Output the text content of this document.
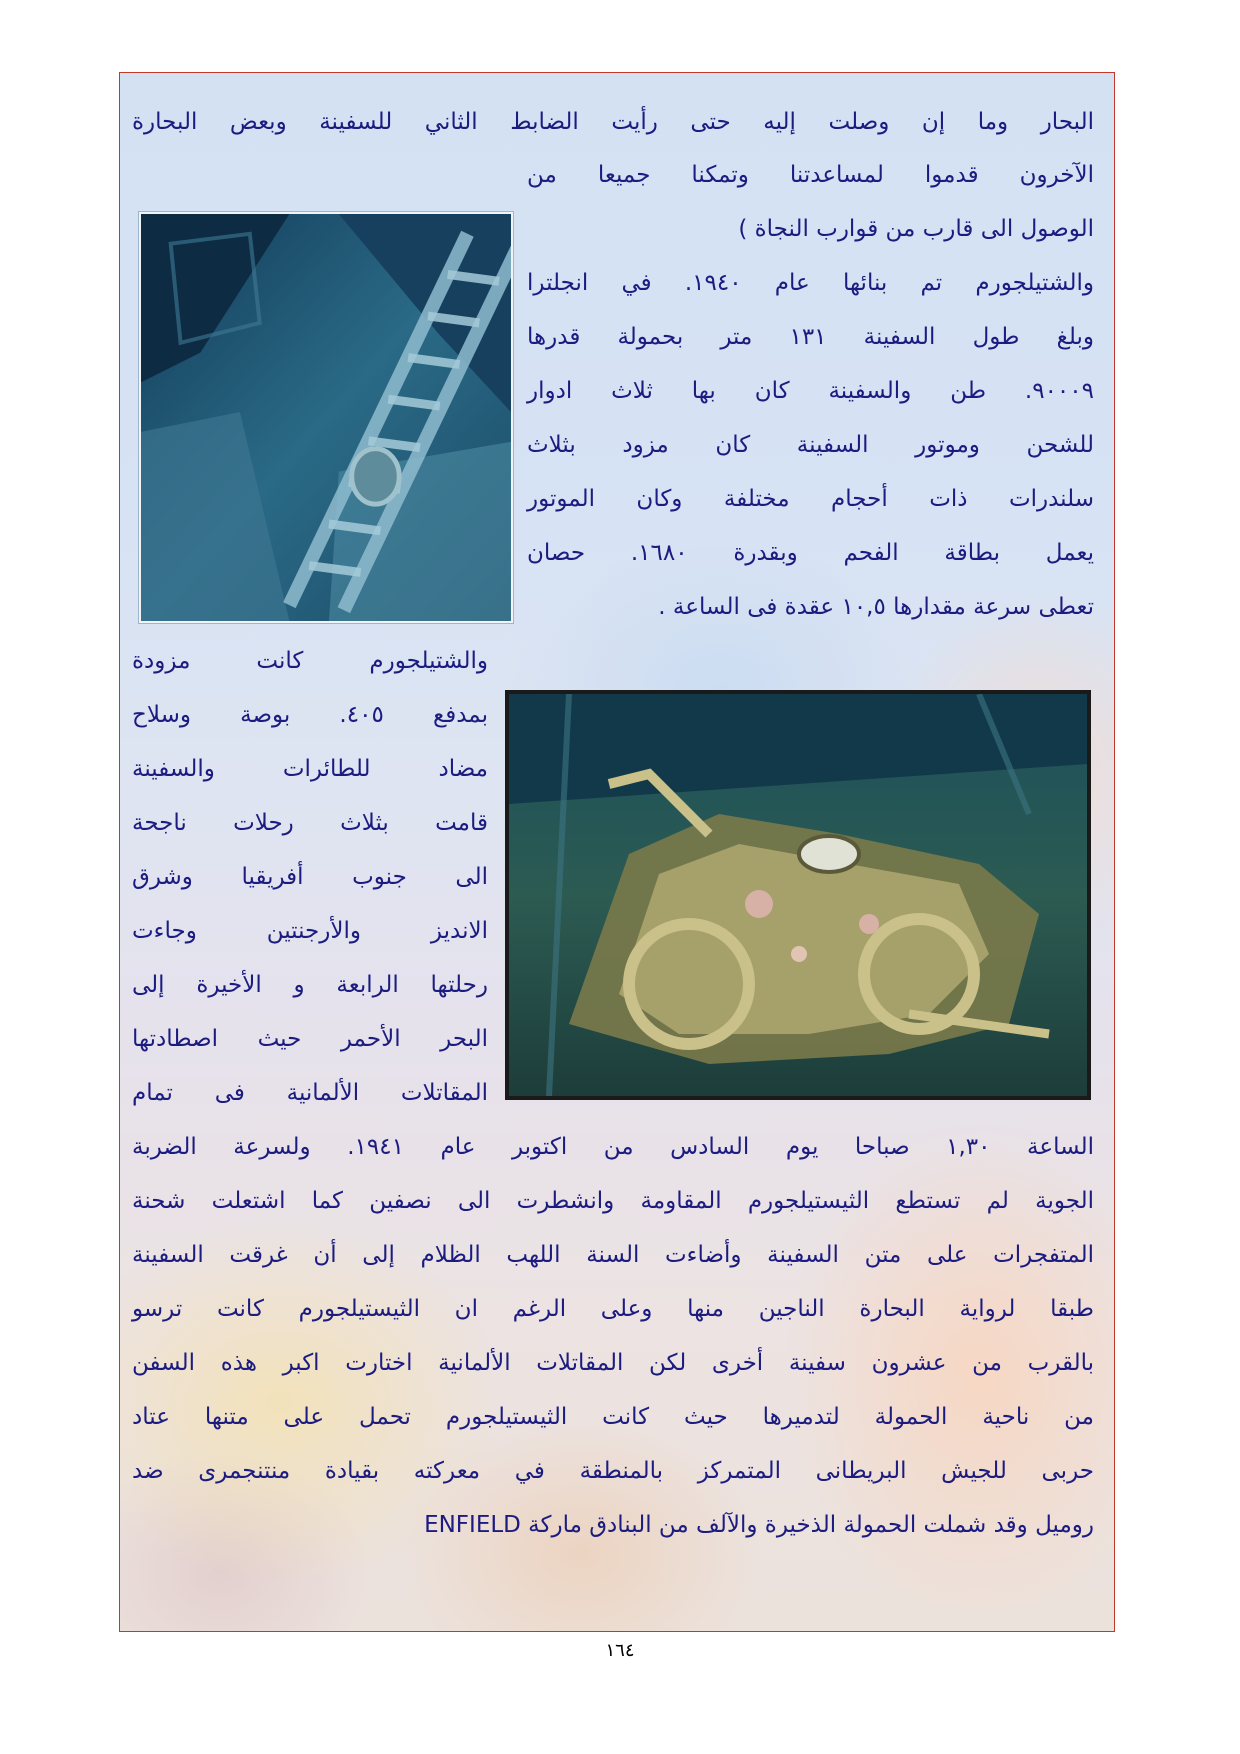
البحار وما إن وصلت إليه حتى رأيت الضابط الثاني للسفينة وبعض البحارة
الآخرون قدموا لمساعدتنا وتمكنا جميعا من
الوصول الى قارب من قوارب النجاة )
والشتيلجورم تم بنائها عام ١٩٤٠. في انجلترا
وبلغ طول السفينة ١٣١ متر بحمولة قدرها
٩٠٠٠٩. طن والسفينة كان بها ثلاث ادوار
للشحن وموتور السفينة كان مزود بثلاث
سلندرات ذات أحجام مختلفة وكان الموتور
يعمل بطاقة الفحم وبقدرة ١٦٨٠. حصان
تعطى سرعة مقدارها ١٠,٥ عقدة فى الساعة .
والشتيلجورم كانت مزودة
بمدفع ٤٠٥. بوصة وسلاح
مضاد للطائرات والسفينة
قامت بثلاث رحلات ناجحة
الى جنوب أفريقيا وشرق
الانديز والأرجنتين وجاءت
رحلتها الرابعة و الأخيرة إلى
البحر الأحمر حيث اصطادتها
المقاتلات الألمانية فى تمام
الساعة ١,٣٠ صباحا يوم السادس من اكتوبر عام ١٩٤١. ولسرعة الضربة
الجوية لم تستطع الثيستيلجورم المقاومة وانشطرت الى نصفين كما اشتعلت شحنة
المتفجرات على متن السفينة وأضاءت السنة اللهب الظلام إلى أن غرقت السفينة
طبقا لرواية البحارة الناجين منها وعلى الرغم ان الثيستيلجورم كانت ترسو
بالقرب من عشرون سفينة أخرى لكن المقاتلات الألمانية اختارت اكبر هذه السفن
من ناحية الحمولة لتدميرها حيث كانت الثيستيلجورم تحمل على متنها عتاد
حربى للجيش البريطانى المتمركز بالمنطقة في معركته بقيادة منتنجمرى ضد
روميل وقد شملت الحمولة الذخيرة والآلف من البنادق ماركة ENFIELD
١٦٤
